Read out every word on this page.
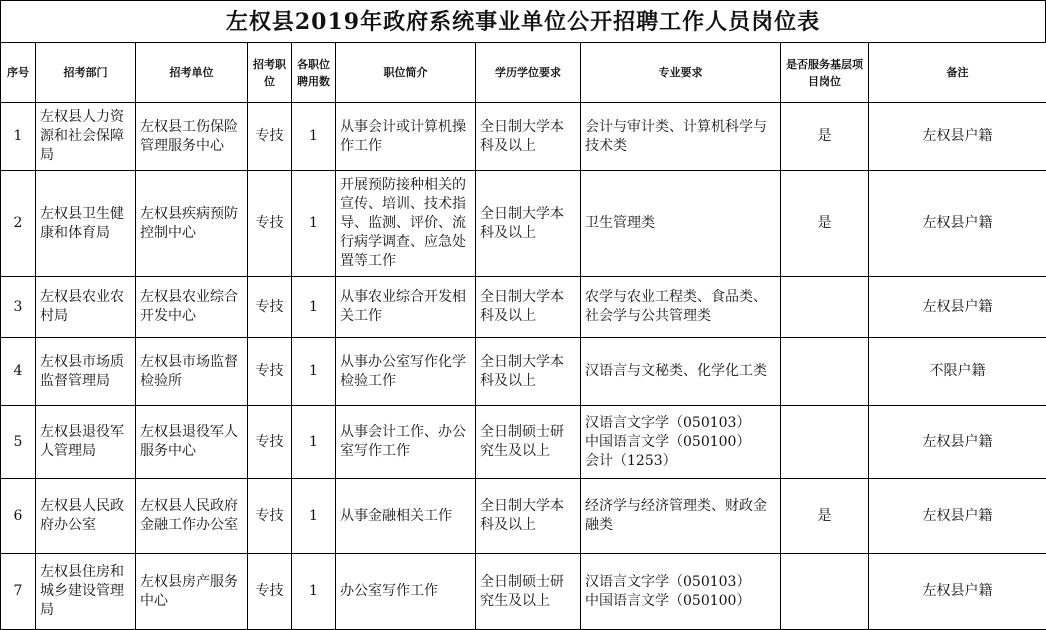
左权县2019年政府系统事业单位公开招聘工作人员岗位表
序号	招考部门	招考单位	招考职位	各职位聘用数	职位简介	学历学位要求	专业要求	是否服务基层项目岗位	备注
1	左权县人力资源和社会保障局	左权县工伤保险管理服务中心	专技	1	从事会计或计算机操作工作	全日制大学本科及以上	会计与审计类、计算机科学与技术类	是	左权县户籍
2	左权县卫生健康和体育局	左权县疾病预防控制中心	专技	1	开展预防接种相关的宣传、培训、技术指导、监测、评价、流行病学调查、应急处置等工作	全日制大学本科及以上	卫生管理类	是	左权县户籍
3	左权县农业农村局	左权县农业综合开发中心	专技	1	从事农业综合开发相关工作	全日制大学本科及以上	农学与农业工程类、食品类、社会学与公共管理类		左权县户籍
4	左权县市场质监督管理局	左权县市场监督检验所	专技	1	从事办公室写作化学检验工作	全日制大学本科及以上	汉语言与文秘类、化学化工类		不限户籍
5	左权县退役军人管理局	左权县退役军人服务中心	专技	1	从事会计工作、办公室写作工作	全日制硕士研究生及以上	汉语言文字学（050103）
中国语言文学（050100）
会计（1253）		左权县户籍
6	左权县人民政府办公室	左权县人民政府金融工作办公室	专技	1	从事金融相关工作	全日制大学本科及以上	经济学与经济管理类、财政金融类	是	左权县户籍
7	左权县住房和城乡建设管理局	左权县房产服务中心	专技	1	办公室写作工作	全日制硕士研究生及以上	汉语言文字学（050103）
中国语言文学（050100）		左权县户籍
